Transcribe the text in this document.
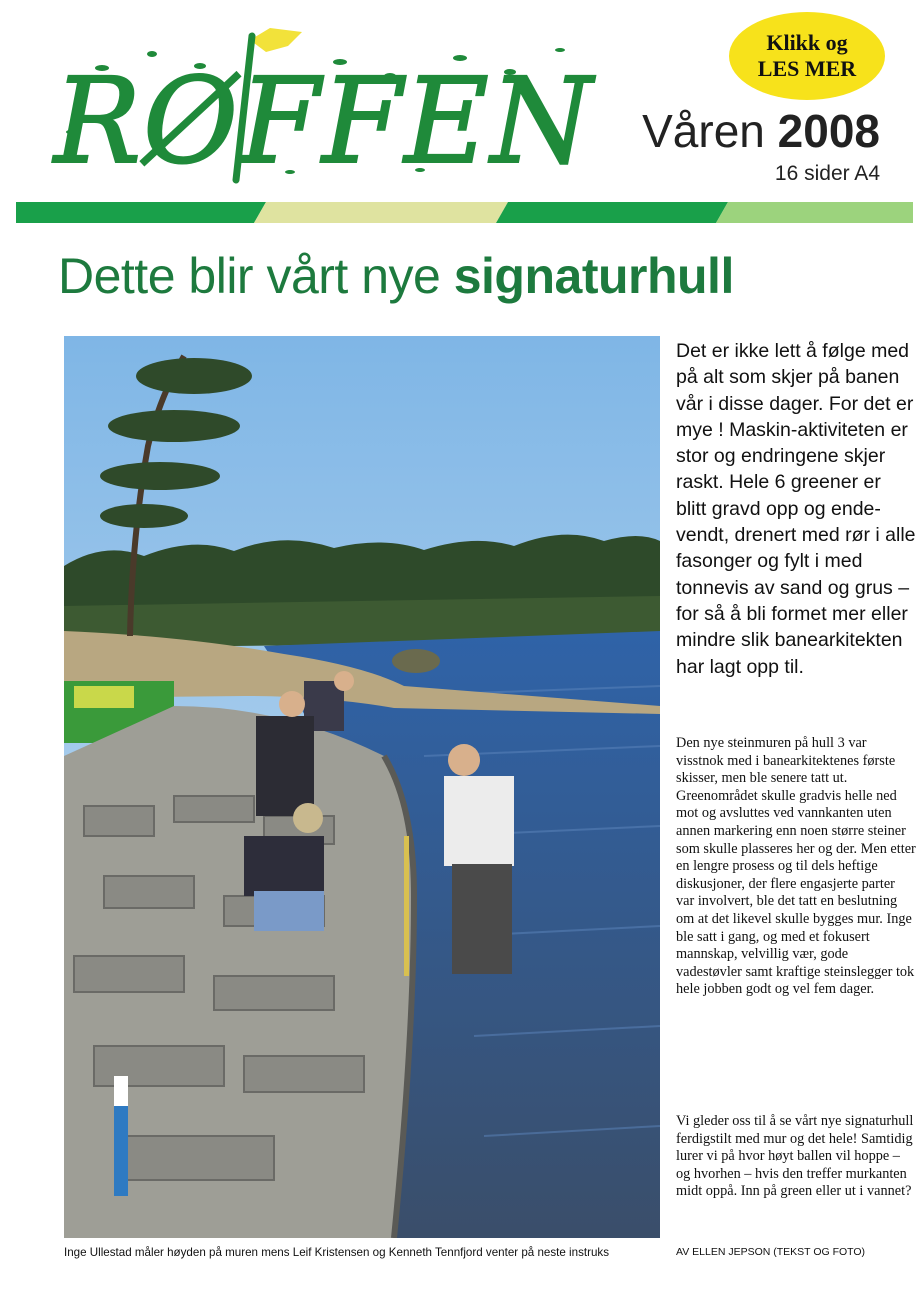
RØFFEN
Klikk og
LES MER
Våren 2008
16 sider A4
Dette blir vårt nye signaturhull
Det er ikke lett å følge med på alt som skjer på banen vår i disse dager. For det er mye ! Maskin-aktiviteten er stor og endringene skjer raskt. Hele 6 greener er blitt gravd opp og ende-vendt, drenert med rør i alle fasonger og fylt i med tonnevis av sand og grus – for så å bli formet mer eller mindre slik banearkitekten har lagt opp til.
Den nye steinmuren på hull 3 var visstnok med i banearkitektenes første skisser, men ble senere tatt ut. Greenområdet skulle gradvis helle ned mot og avsluttes ved vannkanten uten annen markering enn noen større steiner som skulle plasseres her og der. Men etter en lengre prosess og til dels heftige diskusjoner, der flere engasjerte parter var involvert, ble det tatt en beslutning om at det likevel skulle bygges mur. Inge ble satt i gang, og med et fokusert mannskap, velvillig vær, gode vadestøvler samt kraftige steinslegger tok hele jobben godt og vel fem dager.
Vi gleder oss til å se vårt nye signaturhull ferdigstilt med mur og det hele! Samtidig lurer vi på hvor høyt ballen vil hoppe – og hvorhen – hvis den treffer murkanten midt oppå. Inn på green eller ut i vannet?
Inge Ullestad måler høyden på muren mens Leif Kristensen og Kenneth Tennfjord venter på neste instruks	AV ELLEN JEPSON (TEKST OG FOTO)
